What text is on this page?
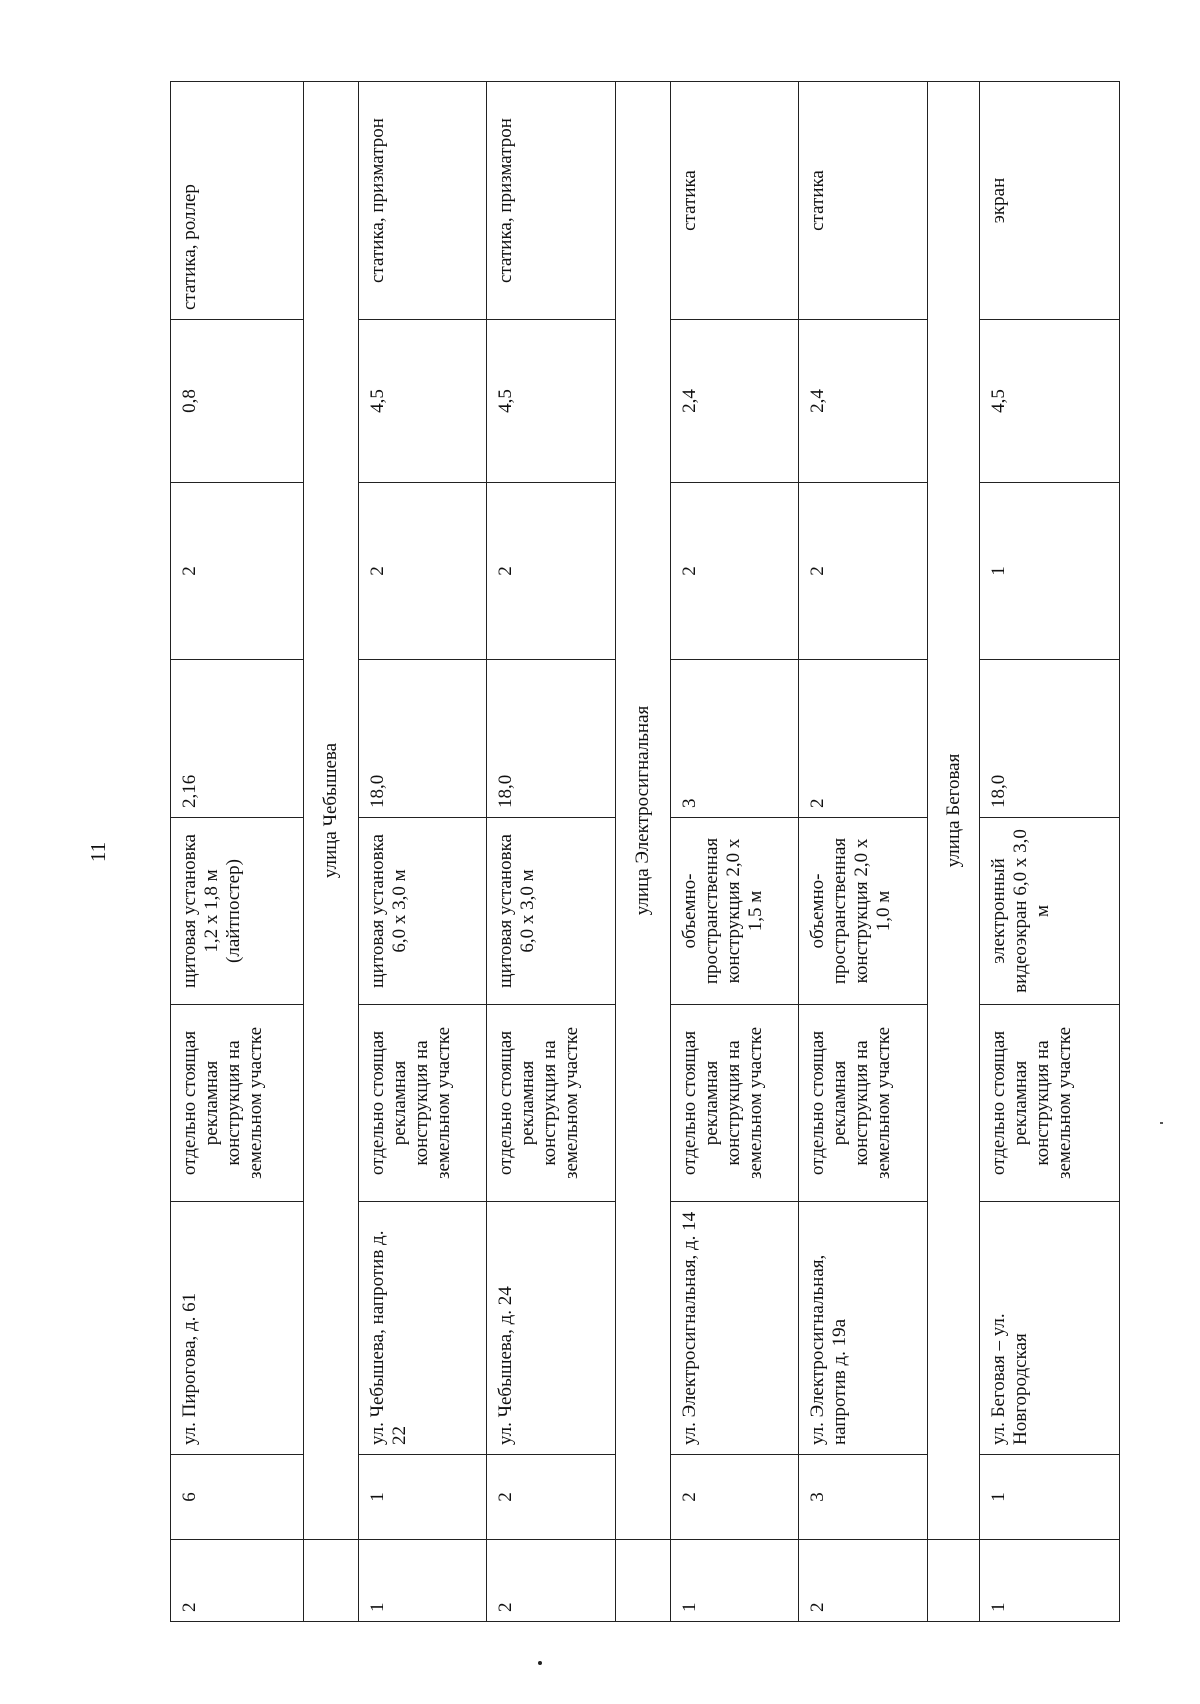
11
2	6	ул. Пирогова, д. 61	отдельно стоящая рекламная конструкция на земельном участке	щитовая установка 1,2 х 1,8 м (лайтпостер)	2,16	2	0,8	статика, роллер
	улица Чебышева							
1	1	ул. Чебышева, напротив д. 22	отдельно стоящая рекламная конструкция на земельном участке	щитовая установка 6,0 х 3,0 м	18,0	2	4,5	статика, призматрон
2	2	ул. Чебышева, д. 24	отдельно стоящая рекламная конструкция на земельном участке	щитовая установка 6,0 х 3,0 м	18,0	2	4,5	статика, призматрон
	улица Электросигнальная							
1	2	ул. Электросигнальная, д. 14	отдельно стоящая рекламная конструкция на земельном участке	объемно-пространственная конструкция 2,0 х 1,5 м	3	2	2,4	статика
2	3	ул. Электросигнальная, напротив д. 19а	отдельно стоящая рекламная конструкция на земельном участке	объемно-пространственная конструкция 2,0 х 1,0 м	2	2	2,4	статика
	улица Беговая							
1	1	ул. Беговая – ул. Новгородская	отдельно стоящая рекламная конструкция на земельном участке	электронный видеоэкран 6,0 х 3,0 м	18,0	1	4,5	экран
